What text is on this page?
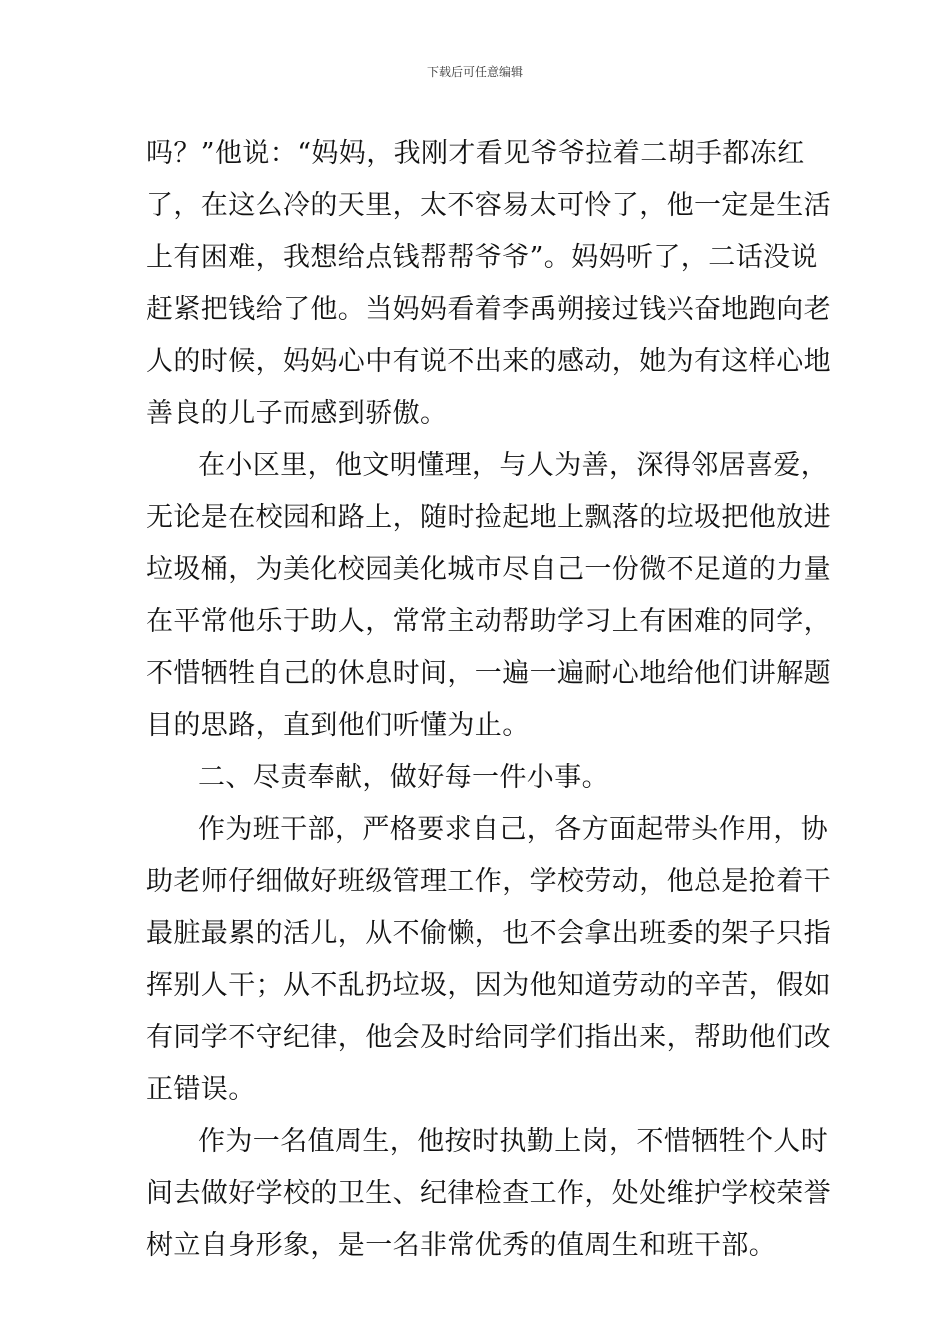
下载后可任意编辑
吗？”他说：“妈妈，我刚才看见爷爷拉着二胡手都冻红
了，在这么冷的天里，太不容易太可怜了，他一定是生活
上有困难，我想给点钱帮帮爷爷”。妈妈听了，二话没说
赶紧把钱给了他。当妈妈看着李禹朔接过钱兴奋地跑向老
人的时候，妈妈心中有说不出来的感动，她为有这样心地
善良的儿子而感到骄傲。
在小区里，他文明懂理，与人为善，深得邻居喜爱，
无论是在校园和路上，随时捡起地上飘落的垃圾把他放进
垃圾桶，为美化校园美化城市尽自己一份微不足道的力量
在平常他乐于助人，常常主动帮助学习上有困难的同学，
不惜牺牲自己的休息时间，一遍一遍耐心地给他们讲解题
目的思路，直到他们听懂为止。
二、尽责奉献，做好每一件小事。
作为班干部，严格要求自己，各方面起带头作用，协
助老师仔细做好班级管理工作，学校劳动，他总是抢着干
最脏最累的活儿，从不偷懒，也不会拿出班委的架子只指
挥别人干；从不乱扔垃圾，因为他知道劳动的辛苦，假如
有同学不守纪律，他会及时给同学们指出来，帮助他们改
正错误。
作为一名值周生，他按时执勤上岗，不惜牺牲个人时
间去做好学校的卫生、纪律检查工作，处处维护学校荣誉
树立自身形象，是一名非常优秀的值周生和班干部。
